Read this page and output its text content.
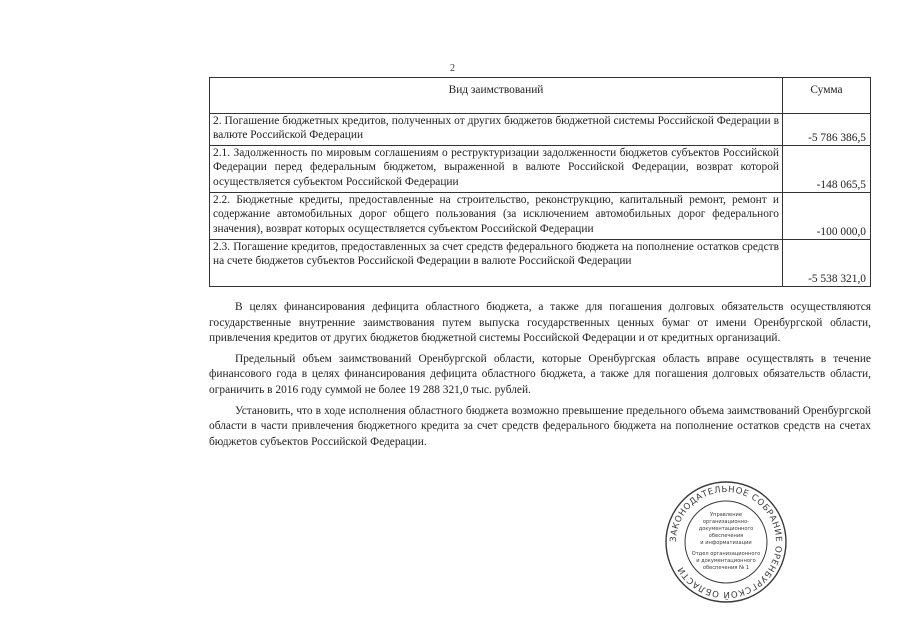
2
Вид заимствований	Сумма
2. Погашение бюджетных кредитов, полученных от других бюджетов бюджетной системы Российской Федерации в валюте Российской Федерации	-5 786 386,5
2.1. Задолженность по мировым соглашениям о реструктуризации задолженности бюджетов субъектов Российской Федерации перед федеральным бюджетом, выраженной в валюте Российской Федерации, возврат которой осуществляется субъектом Российской Федерации	-148 065,5
2.2. Бюджетные кредиты, предоставленные на строительство, реконструкцию, капитальный ремонт, ремонт и содержание автомобильных дорог общего пользования (за исключением автомобильных дорог федерального значения), возврат которых осуществляется субъектом Российской Федерации	-100 000,0
2.3. Погашение кредитов, предоставленных за счет средств федерального бюджета на пополнение остатков средств на счете бюджетов субъектов Российской Федерации в валюте Российской Федерации	-5 538 321,0

В целях финансирования дефицита областного бюджета, а также для погашения долговых обязательств осуществляются государственные внутренние заимствования путем выпуска государственных ценных бумаг от имени Оренбургской области, привлечения кредитов от других бюджетов бюджетной системы Российской Федерации и от кредитных организаций.

Предельный объем заимствований Оренбургской области, которые Оренбургская область вправе осуществлять в течение финансового года в целях финансирования дефицита областного бюджета, а также для погашения долговых обязательств области, ограничить в 2016 году суммой не более 19 288 321,0 тыс. рублей.

Установить, что в ходе исполнения областного бюджета возможно превышение предельного объема заимствований Оренбургской области в части привлечения бюджетного кредита за счет средств федерального бюджета на пополнение остатков средств на счетах бюджетов субъектов Российской Федерации.

ЗАКОНОДАТЕЛЬНОЕ СОБРАНИЕ ОРЕНБУРГСКОЙ ОБЛАСТИ
Управление
организационно-
документационного
обеспечения
и информатизации
Отдел организационного
и документационного
обеспечения № 1
